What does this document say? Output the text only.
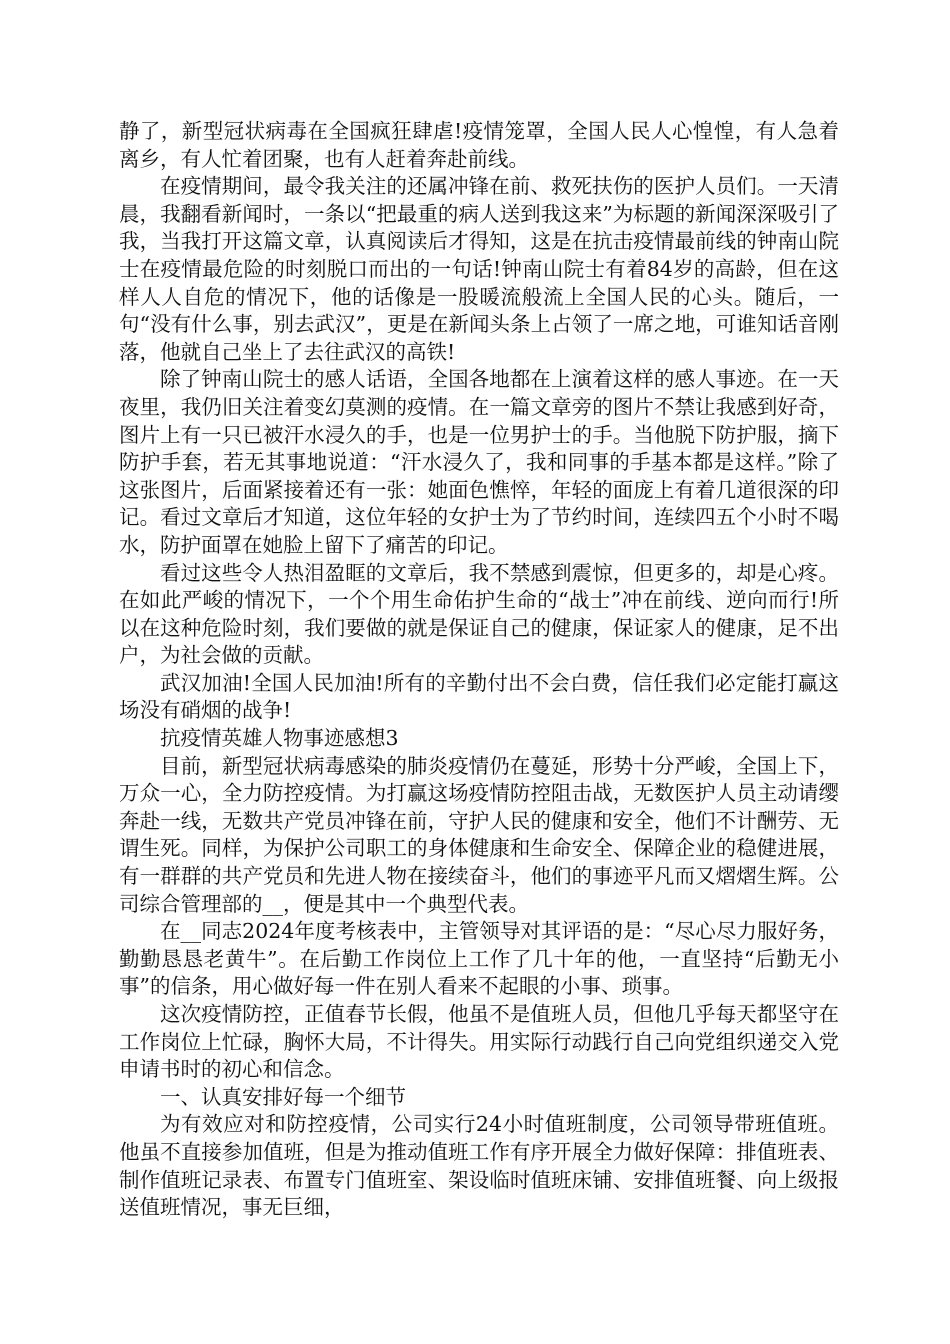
静了，新型冠状病毒在全国疯狂肆虐!疫情笼罩，全国人民人心惶惶，有人急着离乡，有人忙着团聚，也有人赶着奔赴前线。

在疫情期间，最令我关注的还属冲锋在前、救死扶伤的医护人员们。一天清晨，我翻看新闻时，一条以“把最重的病人送到我这来”为标题的新闻深深吸引了我，当我打开这篇文章，认真阅读后才得知，这是在抗击疫情最前线的钟南山院士在疫情最危险的时刻脱口而出的一句话!钟南山院士有着84岁的高龄，但在这样人人自危的情况下，他的话像是一股暖流般流上全国人民的心头。随后，一句“没有什么事，别去武汉”，更是在新闻头条上占领了一席之地，可谁知话音刚落，他就自己坐上了去往武汉的高铁!

除了钟南山院士的感人话语，全国各地都在上演着这样的感人事迹。在一天夜里，我仍旧关注着变幻莫测的疫情。在一篇文章旁的图片不禁让我感到好奇，图片上有一只已被汗水浸久的手，也是一位男护士的手。当他脱下防护服，摘下防护手套，若无其事地说道：“汗水浸久了，我和同事的手基本都是这样。”除了这张图片，后面紧接着还有一张：她面色憔悴，年轻的面庞上有着几道很深的印记。看过文章后才知道，这位年轻的女护士为了节约时间，连续四五个小时不喝水，防护面罩在她脸上留下了痛苦的印记。

看过这些令人热泪盈眶的文章后，我不禁感到震惊，但更多的，却是心疼。在如此严峻的情况下，一个个用生命佑护生命的“战士”冲在前线、逆向而行!所以在这种危险时刻，我们要做的就是保证自己的健康，保证家人的健康，足不出户，为社会做的贡献。

武汉加油!全国人民加油!所有的辛勤付出不会白费，信任我们必定能打赢这场没有硝烟的战争!

抗疫情英雄人物事迹感想3

目前，新型冠状病毒感染的肺炎疫情仍在蔓延，形势十分严峻，全国上下，万众一心，全力防控疫情。为打赢这场疫情防控阻击战，无数医护人员主动请缨奔赴一线，无数共产党员冲锋在前，守护人民的健康和安全，他们不计酬劳、无谓生死。同样，为保护公司职工的身体健康和生命安全、保障企业的稳健进展，有一群群的共产党员和先进人物在接续奋斗，他们的事迹平凡而又熠熠生辉。公司综合管理部的__，便是其中一个典型代表。

在__同志2024年度考核表中，主管领导对其评语的是：“尽心尽力服好务，勤勤恳恳老黄牛”。在后勤工作岗位上工作了几十年的他，一直坚持“后勤无小事”的信条，用心做好每一件在别人看来不起眼的小事、琐事。

这次疫情防控，正值春节长假，他虽不是值班人员，但他几乎每天都坚守在工作岗位上忙碌，胸怀大局，不计得失。用实际行动践行自己向党组织递交入党申请书时的初心和信念。

一、认真安排好每一个细节

为有效应对和防控疫情，公司实行24小时值班制度，公司领导带班值班。他虽不直接参加值班，但是为推动值班工作有序开展全力做好保障：排值班表、制作值班记录表、布置专门值班室、架设临时值班床铺、安排值班餐、向上级报送值班情况，事无巨细，
